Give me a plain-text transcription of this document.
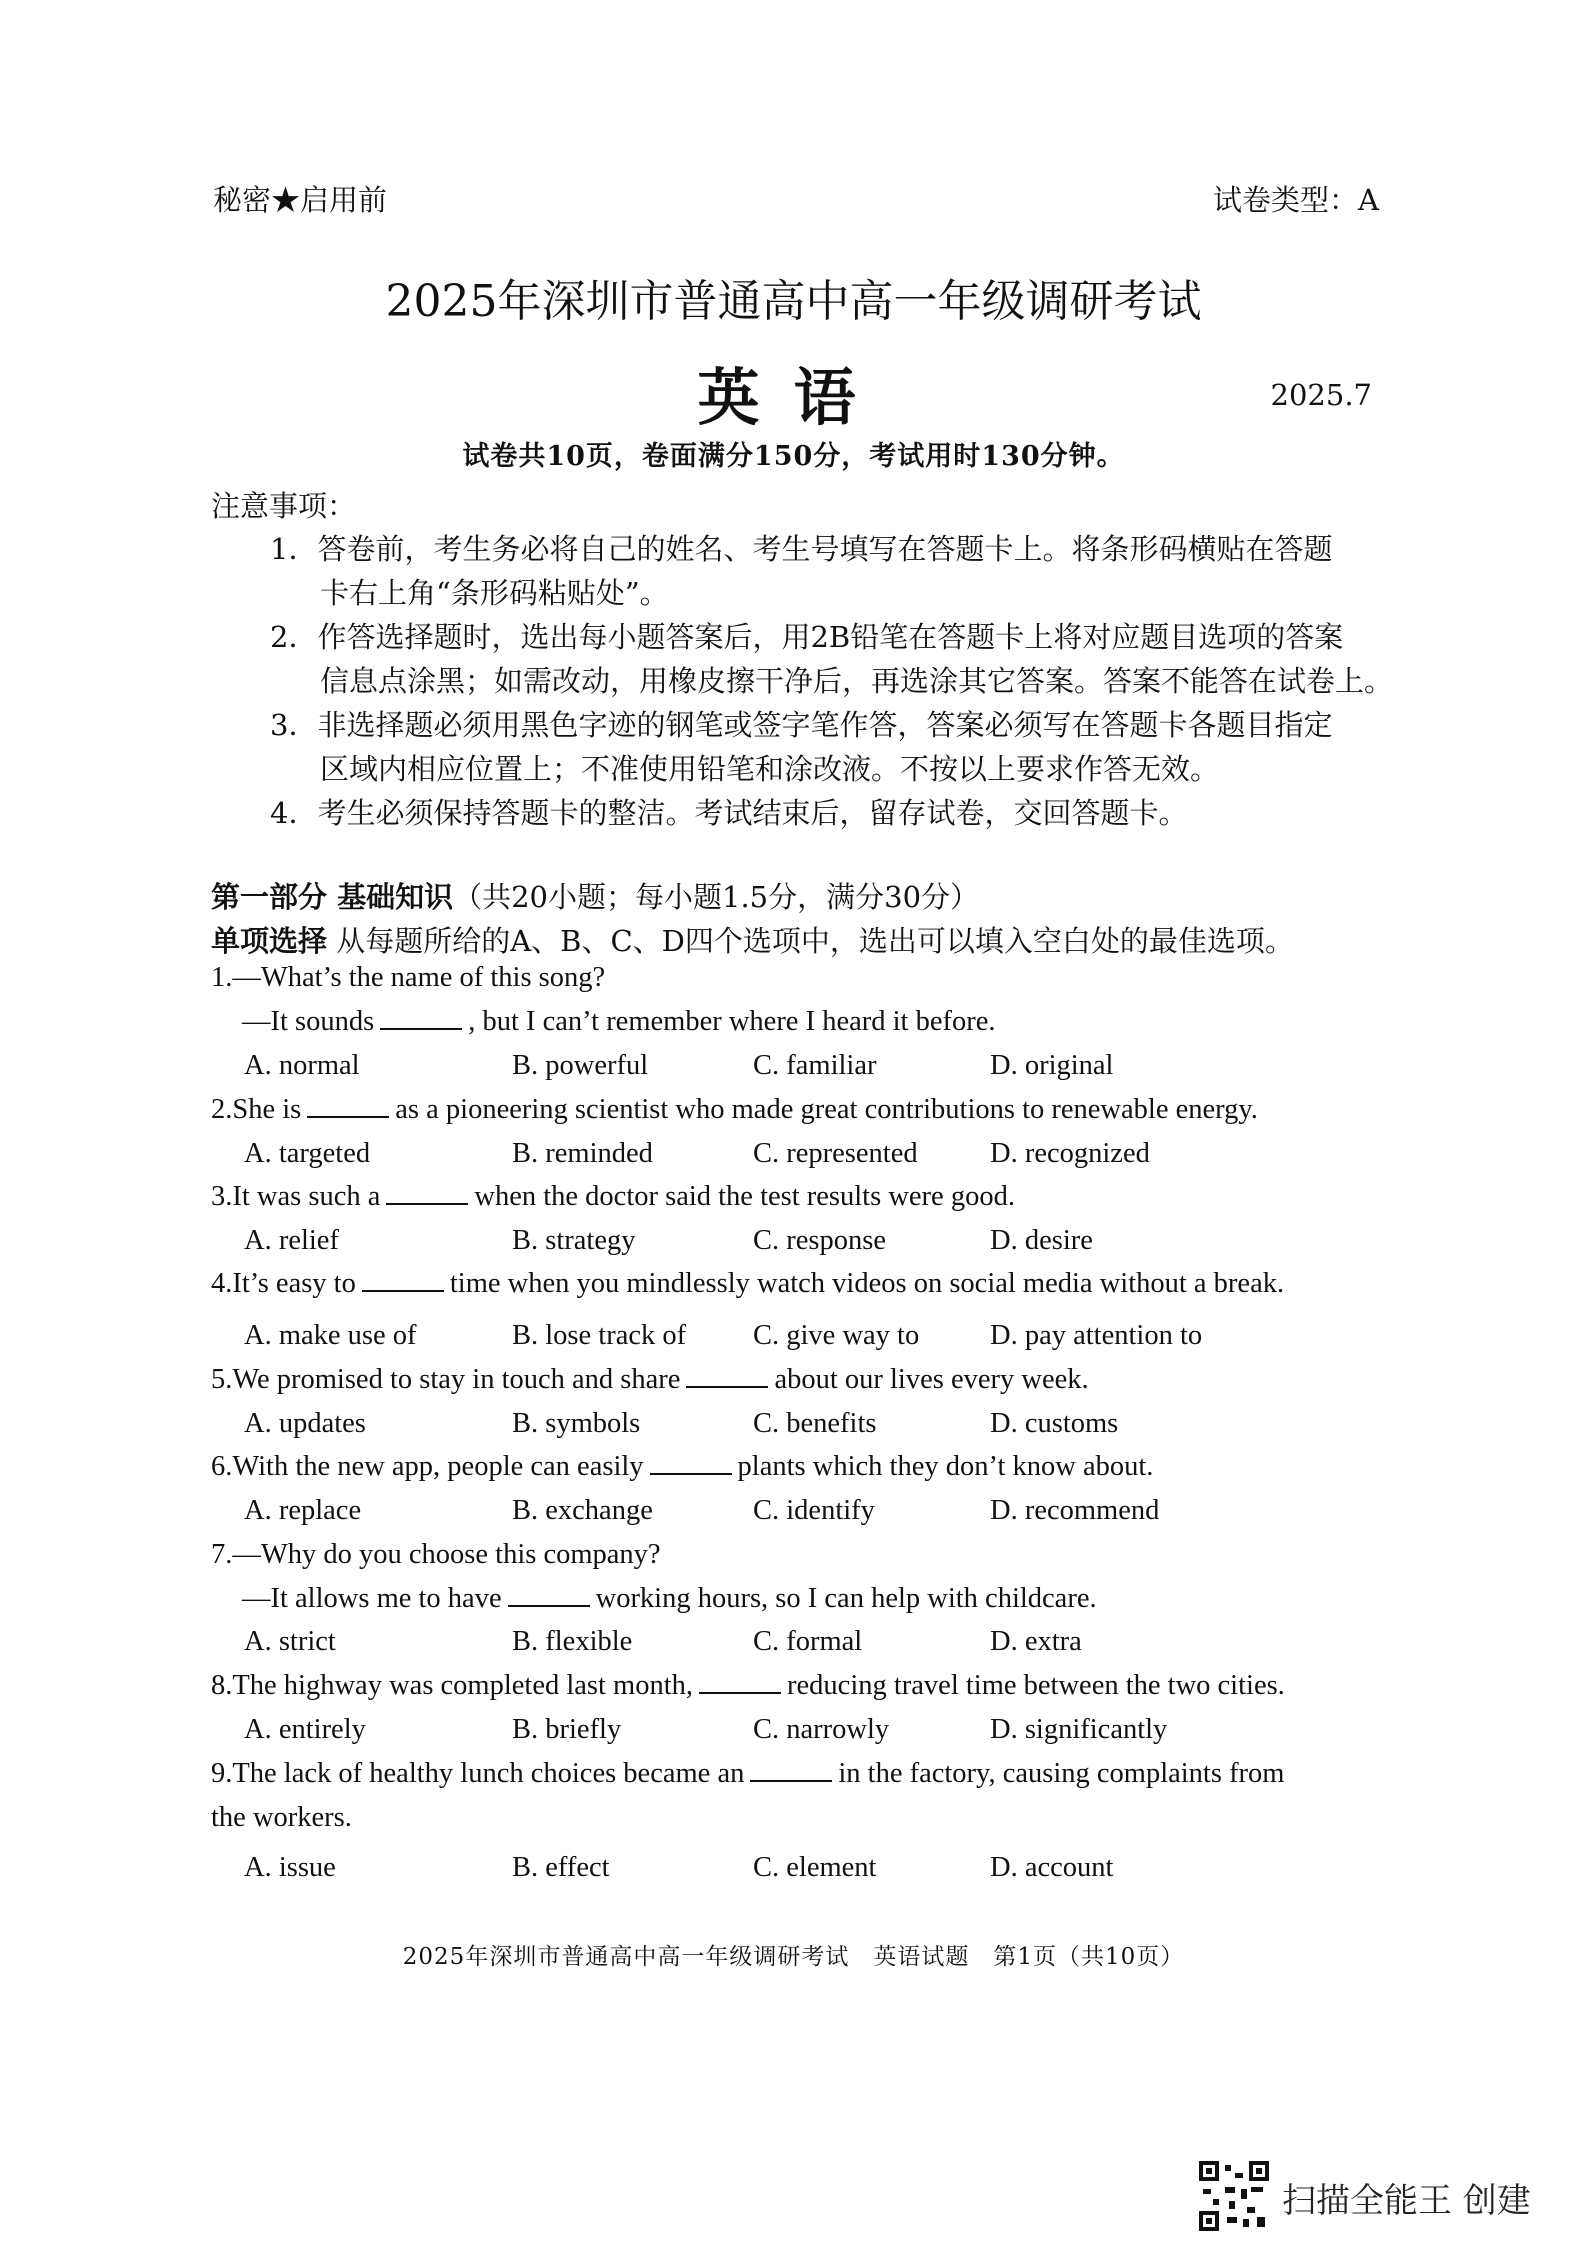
秘密★启用前	试卷类型：A
2025年深圳市普通高中高一年级调研考试
英语	2025.7
试卷共10页，卷面满分150分，考试用时130分钟。
注意事项：
1．答卷前，考生务必将自己的姓名、考生号填写在答题卡上。将条形码横贴在答题
卡右上角“条形码粘贴处”。
2．作答选择题时，选出每小题答案后，用2B铅笔在答题卡上将对应题目选项的答案
信息点涂黑；如需改动，用橡皮擦干净后，再选涂其它答案。答案不能答在试卷上。
3．非选择题必须用黑色字迹的钢笔或签字笔作答，答案必须写在答题卡各题目指定
区域内相应位置上；不准使用铅笔和涂改液。不按以上要求作答无效。
4．考生必须保持答题卡的整洁。考试结束后，留存试卷，交回答题卡。
第一部分 基础知识（共20小题；每小题1.5分，满分30分）
单项选择 从每题所给的A、B、C、D四个选项中，选出可以填入空白处的最佳选项。
1.—What’s the name of this song?
—It sounds	, but I can’t remember where I heard it before.
A. normal	B. powerful	C. familiar	D. original
2.She is	as a pioneering scientist who made great contributions to renewable energy.
A. targeted	B. reminded	C. represented	D. recognized
3.It was such a	when the doctor said the test results were good.
A. relief	B. strategy	C. response	D. desire
4.It’s easy to	time when you mindlessly watch videos on social media without a break.
A. make use of	B. lose track of C. give way to D. pay attention to
5.We promised to stay in touch and share	about our lives every week.
A. updates	B. symbols	C. benefits	D. customs
6.With the new app, people can easily	plants which they don’t know about.
A. replace	B. exchange	C. identify	D. recommend
7.—Why do you choose this company?
—It allows me to have	working hours, so I can help with childcare.
A. strict	B. flexible	C. formal	D. extra
8.The highway was completed last month,	reducing travel time between the two cities.
A. entirely	B. briefly	C. narrowly	D. significantly
9.The lack of healthy lunch choices became an	in the factory, causing complaints from
the workers.
A. issue	B. effect	C. element	D. account
2025年深圳市普通高中高一年级调研考试　英语试题　第1页（共10页）
扫描全能王 创建
